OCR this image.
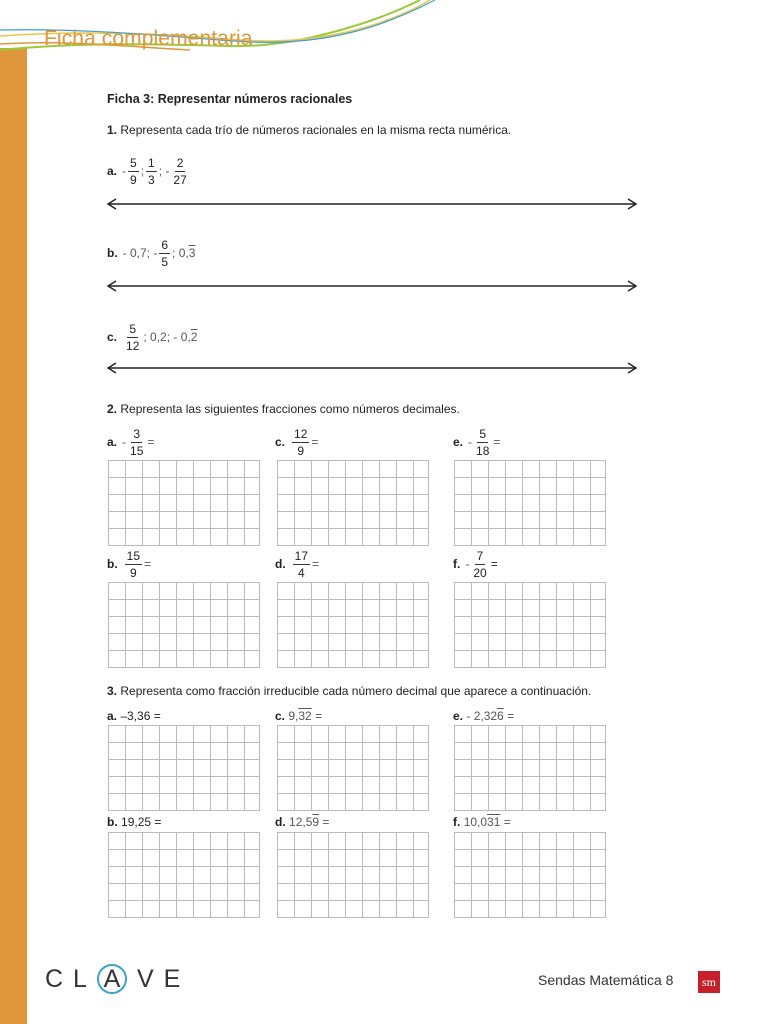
Ficha complementaria
Ficha 3: Representar números racionales
1. Representa cada trío de números racionales en la misma recta numérica.
a. - $\frac{5}{9}$ ; $\frac{1}{3}$ ; - $\frac{2}{27}$
b. - 0,7; - $\frac{6}{5}$ ; 0, 3
c. $\frac{5}{12}$ ; 0,2; - 0, 2
2. Representa las siguientes fracciones como números decimales.
a. - $\frac{3}{15}$ =	c. $\frac{12}{9}$ =	e. - $\frac{5}{18}$ =
b. $\frac{15}{9}$ =	d. $\frac{17}{4}$ =	f. - $\frac{7}{20}$ =
3. Representa como fracción irreducible cada número decimal que aparece a continuación.
a. –3,36 =	c. 9,32 =	e. - 2,326 =
b. 19,25 =	d. 12,59 =	f. 10,031 =
CL A VE	Sendas Matemática 8	sm
